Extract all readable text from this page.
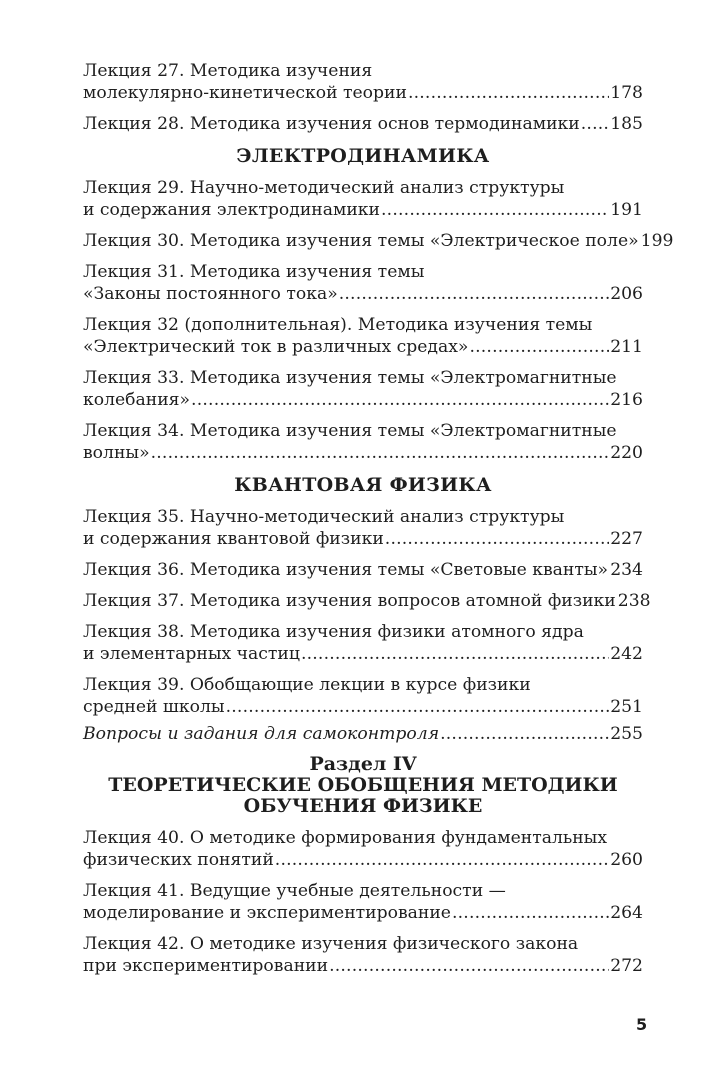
Лекция 27. Методика изучения
молекулярно-кинетической теории .....	178
Лекция 28. Методика изучения основ термодинамики ..... 185
ЭЛЕКТРОДИНАМИКА
Лекция 29. Научно-методический анализ структуры
и содержания электродинамики .....	191
Лекция 30. Методика изучения темы «Электрическое поле» 199
Лекция 31. Методика изучения темы
«Законы постоянного тока» .....	206
Лекция 32 (дополнительная). Методика изучения темы
«Электрический ток в различных средах» .....	211
Лекция 33. Методика изучения темы «Электромагнитные
колебания» .....	216
Лекция 34. Методика изучения темы «Электромагнитные
волны» .....	220
КВАНТОВАЯ ФИЗИКА
Лекция 35. Научно-методический анализ структуры
и содержания квантовой физики .....	227
Лекция 36. Методика изучения темы «Световые кванты» ..... 234
Лекция 37. Методика изучения вопросов атомной физики 238
Лекция 38. Методика изучения физики атомного ядра
и элементарных частиц .....	242
Лекция 39. Обобщающие лекции в курсе физики
средней школы .....	251
Вопросы и задания для самоконтроля .....	255
Раздел IV
ТЕОРЕТИЧЕСКИЕ ОБОБЩЕНИЯ МЕТОДИКИ
ОБУЧЕНИЯ ФИЗИКЕ
Лекция 40. О методике формирования фундаментальных
физических понятий .....	260
Лекция 41. Ведущие учебные деятельности —
моделирование и экспериментирование .....	264
Лекция 42. О методике изучения физического закона
при экспериментировании .....	272
5
